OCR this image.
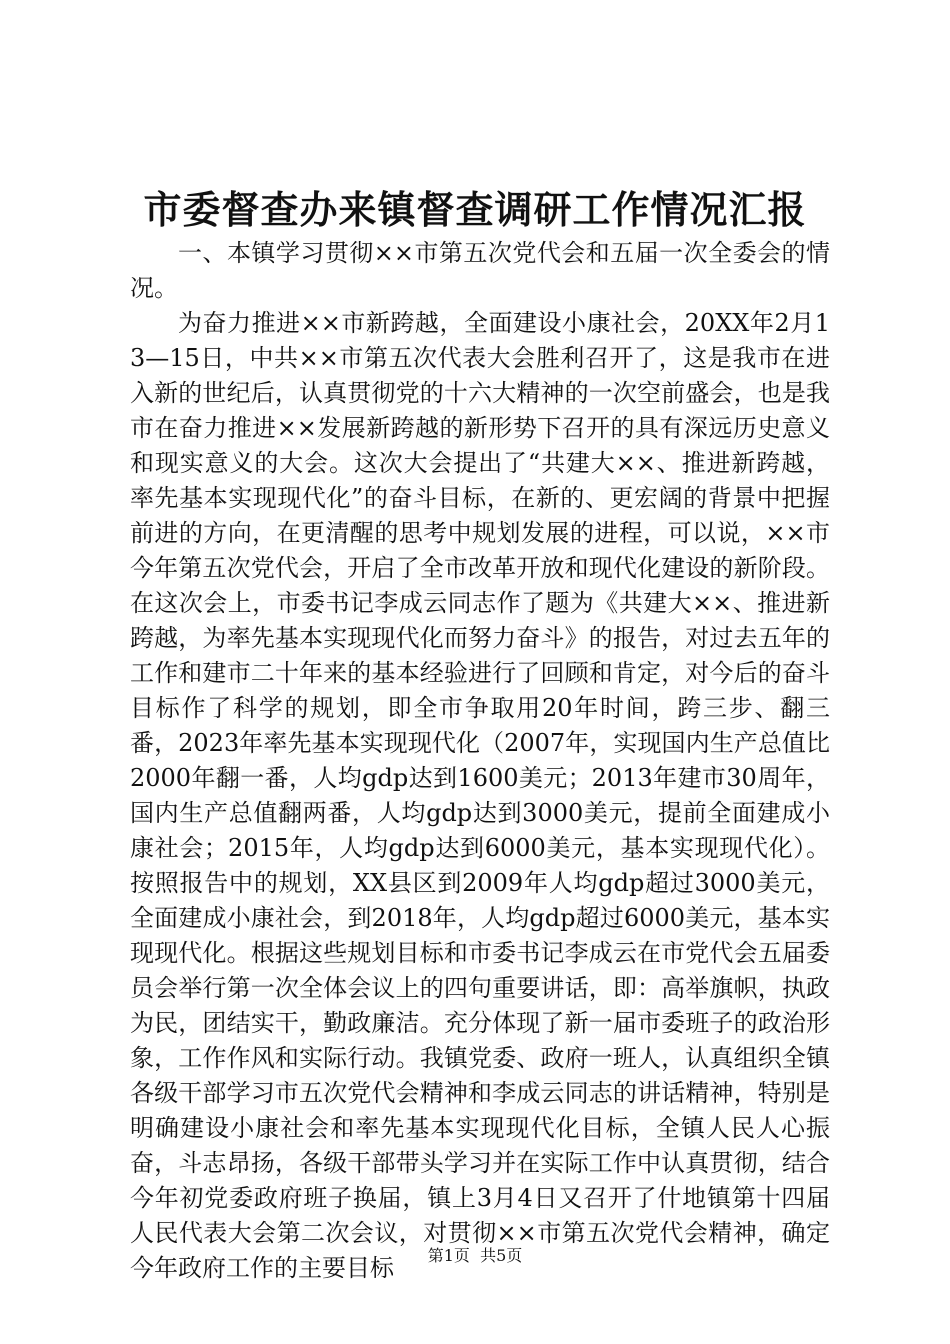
市委督查办来镇督查调研工作情况汇报

一、本镇学习贯彻××市第五次党代会和五届一次全委会的情况。

为奋力推进××市新跨越，全面建设小康社会，20XX年2月13—15日，中共××市第五次代表大会胜利召开了，这是我市在进入新的世纪后，认真贯彻党的十六大精神的一次空前盛会，也是我市在奋力推进××发展新跨越的新形势下召开的具有深远历史意义和现实意义的大会。这次大会提出了“共建大××、推进新跨越，率先基本实现现代化”的奋斗目标，在新的、更宏阔的背景中把握前进的方向，在更清醒的思考中规划发展的进程，可以说，××市今年第五次党代会，开启了全市改革开放和现代化建设的新阶段。在这次会上，市委书记李成云同志作了题为《共建大××、推进新跨越，为率先基本实现现代化而努力奋斗》的报告，对过去五年的工作和建市二十年来的基本经验进行了回顾和肯定，对今后的奋斗目标作了科学的规划，即全市争取用20年时间，跨三步、翻三番，2023年率先基本实现现代化（2007年，实现国内生产总值比2000年翻一番，人均gdp达到1600美元；2013年建市30周年，国内生产总值翻两番，人均gdp达到3000美元，提前全面建成小康社会；2015年，人均gdp达到6000美元，基本实现现代化）。按照报告中的规划，XX县区到2009年人均gdp超过3000美元，全面建成小康社会，到2018年，人均gdp超过6000美元，基本实现现代化。根据这些规划目标和市委书记李成云在市党代会五届委员会举行第一次全体会议上的四句重要讲话，即：高举旗帜，执政为民，团结实干，勤政廉洁。充分体现了新一届市委班子的政治形象，工作作风和实际行动。我镇党委、政府一班人，认真组织全镇各级干部学习市五次党代会精神和李成云同志的讲话精神，特别是明确建设小康社会和率先基本实现现代化目标，全镇人民人心振奋，斗志昂扬，各级干部带头学习并在实际工作中认真贯彻，结合今年初党委政府班子换届，镇上3月4日又召开了什地镇第十四届人民代表大会第二次会议，对贯彻××市第五次党代会精神，确定今年政府工作的主要目标	第1页  共5页
